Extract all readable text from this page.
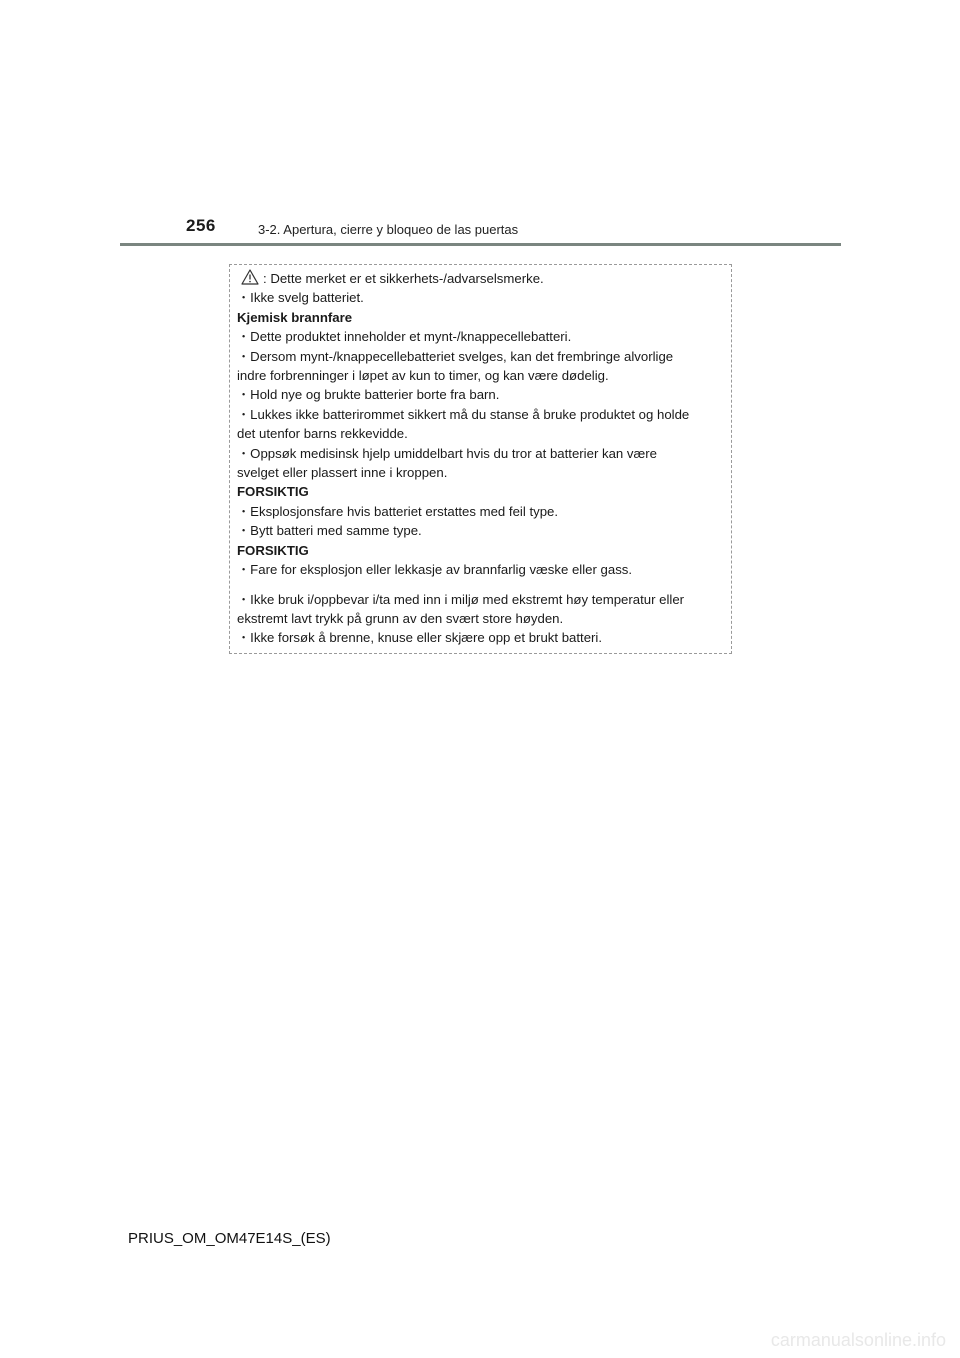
256	3-2. Apertura, cierre y bloqueo de las puertas
: Dette merket er et sikkerhets-/advarselsmerke.
・Ikke svelg batteriet.
Kjemisk brannfare
・Dette produktet inneholder et mynt-/knappecellebatteri.
・Dersom mynt-/knappecellebatteriet svelges, kan det frembringe alvorlige
indre forbrenninger i løpet av kun to timer, og kan være dødelig.
・Hold nye og brukte batterier borte fra barn.
・Lukkes ikke batterirommet sikkert må du stanse å bruke produktet og holde
det utenfor barns rekkevidde.
・Oppsøk medisinsk hjelp umiddelbart hvis du tror at batterier kan være
svelget eller plassert inne i kroppen.
FORSIKTIG
・Eksplosjonsfare hvis batteriet erstattes med feil type.
・Bytt batteri med samme type.
FORSIKTIG
・Fare for eksplosjon eller lekkasje av brannfarlig væske eller gass.
・Ikke bruk i/oppbevar i/ta med inn i miljø med ekstremt høy temperatur eller
ekstremt lavt trykk på grunn av den svært store høyden.
・Ikke forsøk å brenne, knuse eller skjære opp et brukt batteri.
PRIUS_OM_OM47E14S_(ES)
carmanualsonline.info
